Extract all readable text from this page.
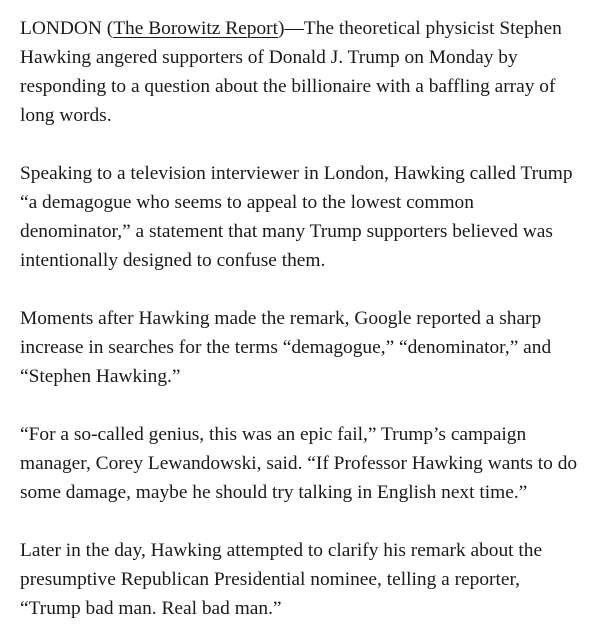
LONDON (The Borowitz Report)—The theoretical physicist Stephen Hawking angered supporters of Donald J. Trump on Monday by responding to a question about the billionaire with a baffling array of long words.

Speaking to a television interviewer in London, Hawking called Trump “a demagogue who seems to appeal to the lowest common denominator,” a statement that many Trump supporters believed was intentionally designed to confuse them.

Moments after Hawking made the remark, Google reported a sharp increase in searches for the terms “demagogue,” “denominator,” and “Stephen Hawking.”

“For a so-called genius, this was an epic fail,” Trump’s campaign manager, Corey Lewandowski, said. “If Professor Hawking wants to do some damage, maybe he should try talking in English next time.”

Later in the day, Hawking attempted to clarify his remark about the presumptive Republican Presidential nominee, telling a reporter, “Trump bad man. Real bad man.”
